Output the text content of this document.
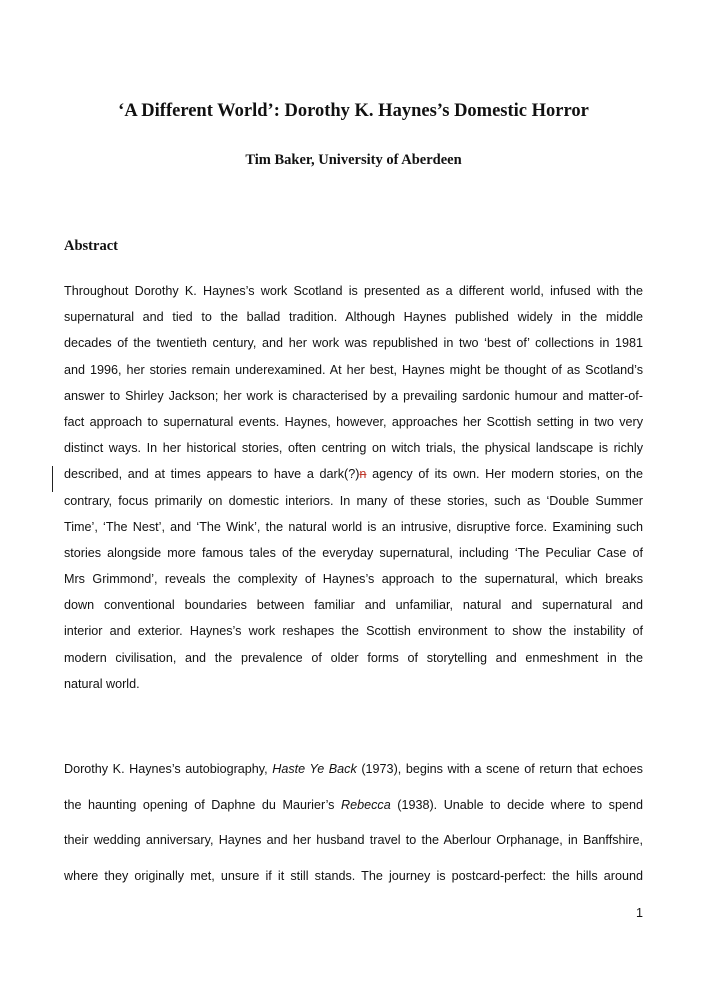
‘A Different World’: Dorothy K. Haynes’s Domestic Horror
Tim Baker, University of Aberdeen
Abstract
Throughout Dorothy K. Haynes’s work Scotland is presented as a different world, infused with the
supernatural and tied to the ballad tradition. Although Haynes published widely in the middle
decades of the twentieth century, and her work was republished in two ‘best of’ collections in 1981
and 1996, her stories remain underexamined. At her best, Haynes might be thought of as Scotland’s
answer to Shirley Jackson; her work is characterised by a prevailing sardonic humour and matter-of-
fact approach to supernatural events. Haynes, however, approaches her Scottish setting in two very
distinct ways. In her historical stories, often centring on witch trials, the physical landscape is richly
described, and at times appears to have a dark(?)n agency of its own. Her modern stories, on the
contrary, focus primarily on domestic interiors. In many of these stories, such as ‘Double Summer
Time’, ‘The Nest’, and ‘The Wink’, the natural world is an intrusive, disruptive force. Examining such
stories alongside more famous tales of the everyday supernatural, including ‘The Peculiar Case of
Mrs Grimmond’, reveals the complexity of Haynes’s approach to the supernatural, which breaks
down conventional boundaries between familiar and unfamiliar, natural and supernatural and
interior and exterior. Haynes’s work reshapes the Scottish environment to show the instability of
modern civilisation, and the prevalence of older forms of storytelling and enmeshment in the
natural world.
Dorothy K. Haynes’s autobiography, Haste Ye Back (1973), begins with a scene of return that echoes
the haunting opening of Daphne du Maurier’s Rebecca (1938). Unable to decide where to spend
their wedding anniversary, Haynes and her husband travel to the Aberlour Orphanage, in Banffshire,
where they originally met, unsure if it still stands. The journey is postcard-perfect: the hills around
1
